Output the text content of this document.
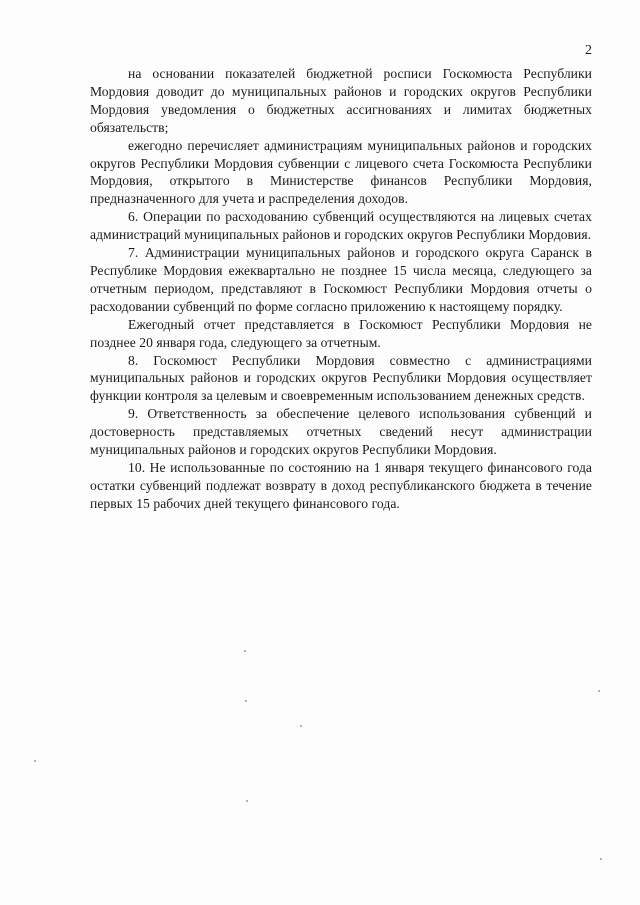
2

на основании показателей бюджетной росписи Госкомюста Республики Мордовия доводит до муниципальных районов и городских округов Республики Мордовия уведомления о бюджетных ассигнованиях и лимитах бюджетных обязательств;

ежегодно перечисляет администрациям муниципальных районов и городских округов Республики Мордовия субвенции с лицевого счета Госкомюста Республики Мордовия, открытого в Министерстве финансов Республики Мордовия, предназначенного для учета и распределения доходов.

6. Операции по расходованию субвенций осуществляются на лицевых счетах администраций муниципальных районов и городских округов Республики Мордовия.

7. Администрации муниципальных районов и городского округа Саранск в Республике Мордовия ежеквартально не позднее 15 числа месяца, следующего за отчетным периодом, представляют в Госкомюст Республики Мордовия отчеты о расходовании субвенций по форме согласно приложению к настоящему порядку.

Ежегодный отчет представляется в Госкомюст Республики Мордовия не позднее 20 января года, следующего за отчетным.

8. Госкомюст Республики Мордовия совместно с администрациями муниципальных районов и городских округов Республики Мордовия осуществляет функции контроля за целевым и своевременным использованием денежных средств.

9. Ответственность за обеспечение целевого использования субвенций и достоверность представляемых отчетных сведений несут администрации муниципальных районов и городских округов Республики Мордовия.

10. Не использованные по состоянию на 1 января текущего финансового года остатки субвенций подлежат возврату в доход республиканского бюджета в течение первых 15 рабочих дней текущего финансового года.
